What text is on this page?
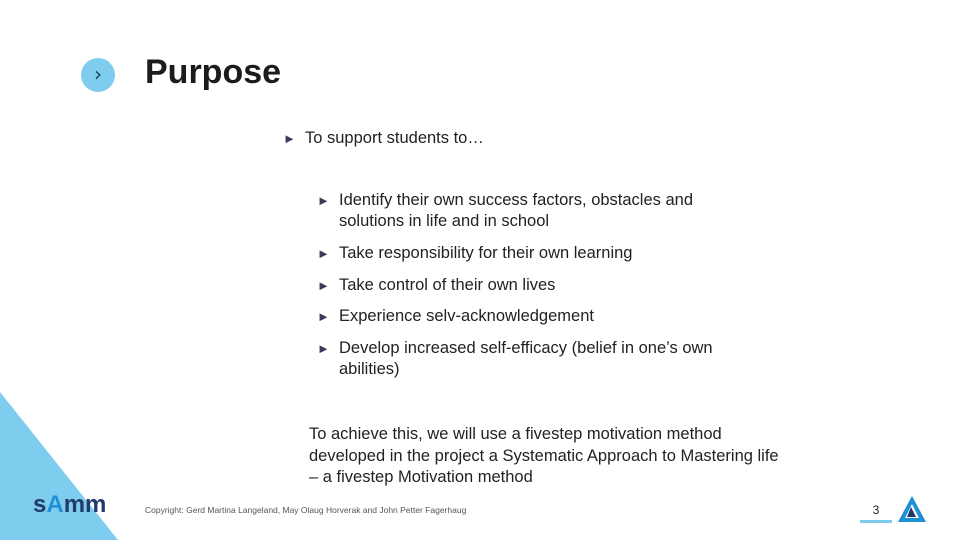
›	Purpose
► To support students to…
► Identify their own success factors, obstacles and solutions in life and in school
► Take responsibility for their own learning
► Take control of their own lives
► Experience selv-acknowledgement
► Develop increased self-efficacy (belief in one’s own abilities)
To achieve this, we will use a fivestep motivation method developed in the project a Systematic Approach to Mastering life – a fivestep Motivation method
sAmm	Copyright: Gerd Martina Langeland, May Olaug Horverak and John Petter Fagerhaug	3
